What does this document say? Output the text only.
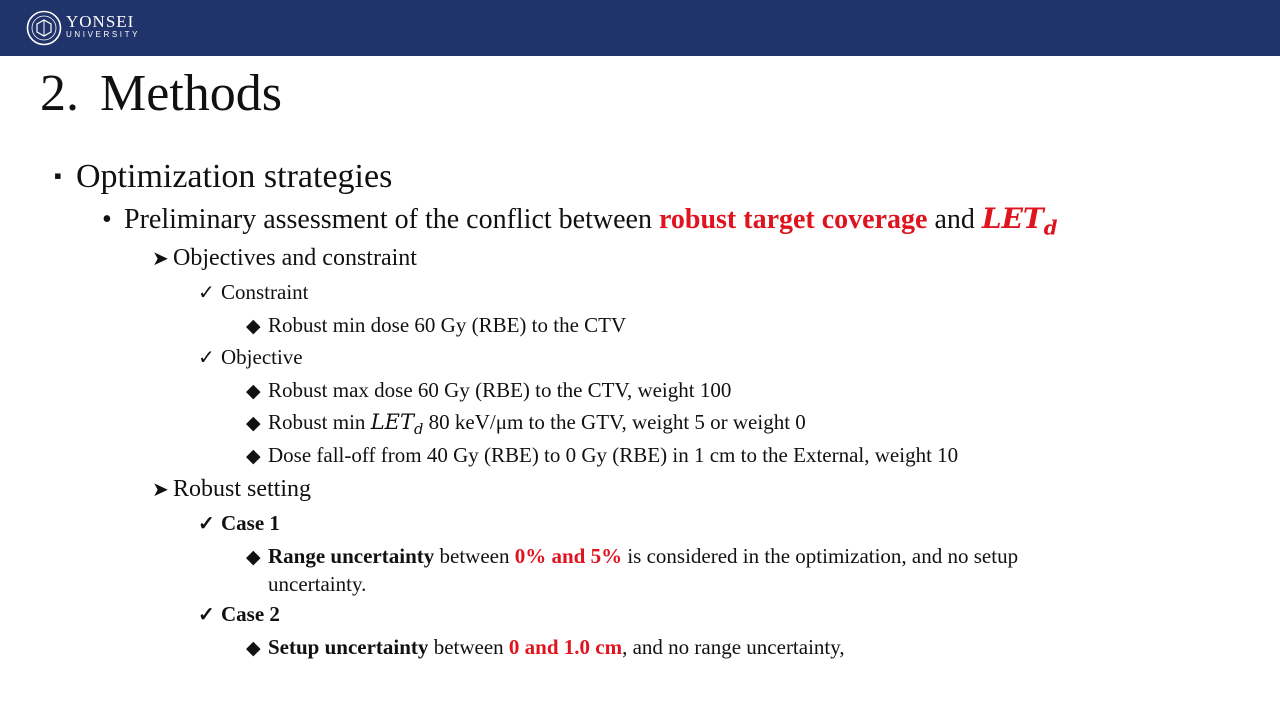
YONSEI
UNIVERSITY
2. Methods
▪ Optimization strategies
• Preliminary assessment of the conflict between robust target coverage and $LET_d$
➤ Objectives and constraint
✓ Constraint
◆ Robust min dose 60 Gy (RBE) to the CTV
✓ Objective
◆ Robust max dose 60 Gy (RBE) to the CTV, weight 100
◆ Robust $\min LET_d$ 80 keV/μm to the GTV, weight 5 or weight 0
◆ Dose fall-off from 40 Gy (RBE) to 0 Gy (RBE) in 1 cm to the External, weight 10
➤ Robust setting
✓ Case 1
◆ Range uncertainty between 0% and 5% is considered in the optimization, and no setup
uncertainty.
✓ Case 2
◆ Setup uncertainty between 0 and 1.0 cm, and no range uncertainty,
